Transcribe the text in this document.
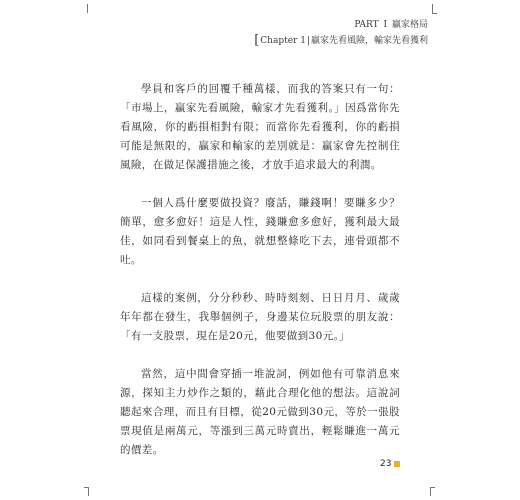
PART Ⅰ 贏家格局
[Chapter 1|贏家先看風險，輸家先看獲利

學員和客戶的回覆千種萬樣，而我的答案只有一句：「市場上，贏家先看風險，輸家才先看獲利。」因爲當你先看風險，你的虧損相對有限；而當你先看獲利，你的虧損可能是無限的，贏家和輸家的差別就是：贏家會先控制住風險，在做足保護措施之後，才放手追求最大的利潤。

一個人爲什麼要做投資？廢話，賺錢啊！要賺多少？簡單，愈多愈好！這是人性，錢賺愈多愈好，獲利最大最佳，如同看到餐桌上的魚，就想整條吃下去，連骨頭都不吐。

這樣的案例，分分秒秒、時時刻刻、日日月月、歲歲年年都在發生，我舉個例子，身邊某位玩股票的朋友說：「有一支股票，現在是20元，他要做到30元。」

當然，這中間會穿插一堆說詞，例如他有可靠消息來源，探知主力炒作之類的，藉此合理化他的想法。這說詞聽起來合理，而且有目標，從20元做到30元，等於一張股票現值是兩萬元，等漲到三萬元時賣出，輕鬆賺進一萬元的價差。

23
